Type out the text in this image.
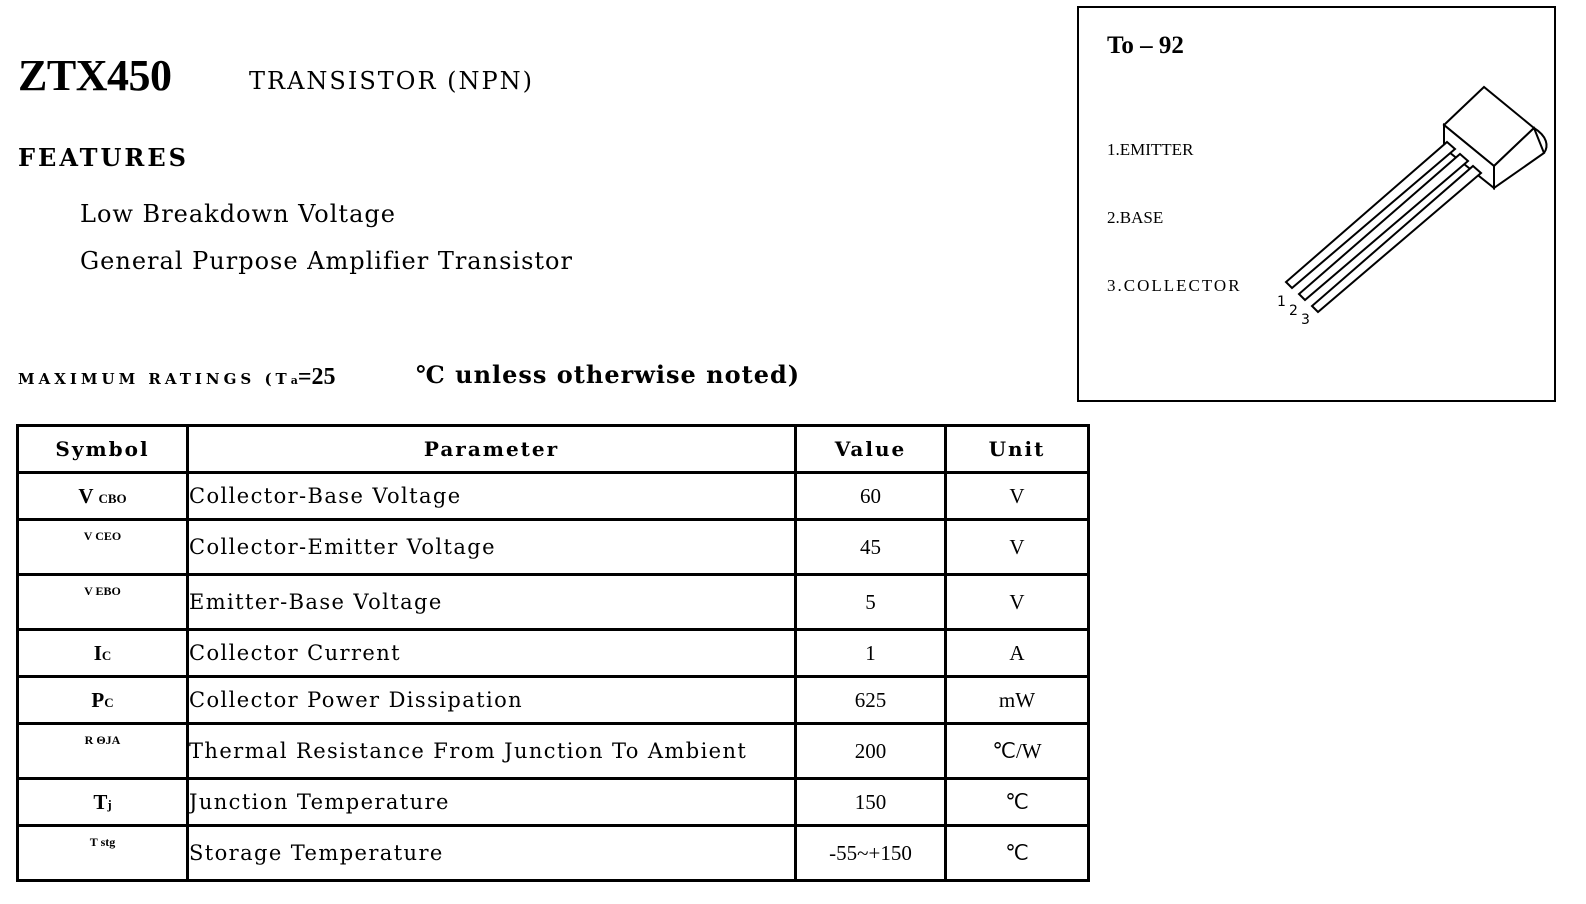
ZTX450	TRANSISTOR (NPN)
FEATURES

Low Breakdown Voltage

General Purpose Amplifier Transistor

MAXIMUM RATINGS (Ta=25	℃ unless otherwise noted)
Symbol	Parameter	Value	Unit
V CBO	Collector-Base Voltage	60	V
V CEO	Collector-Emitter Voltage	45	V
V EBO	Emitter-Base Voltage	5	V
IC	Collector Current	1	A
PC	Collector Power Dissipation	625	mW
R ΘJA	Thermal Resistance From Junction To Ambient	200	℃/W
Tj	Junction Temperature	150	℃
T stg	Storage Temperature	-55~+150	℃
To – 92
1.EMITTER
2.BASE
3.COLLECTOR
1
2
3
